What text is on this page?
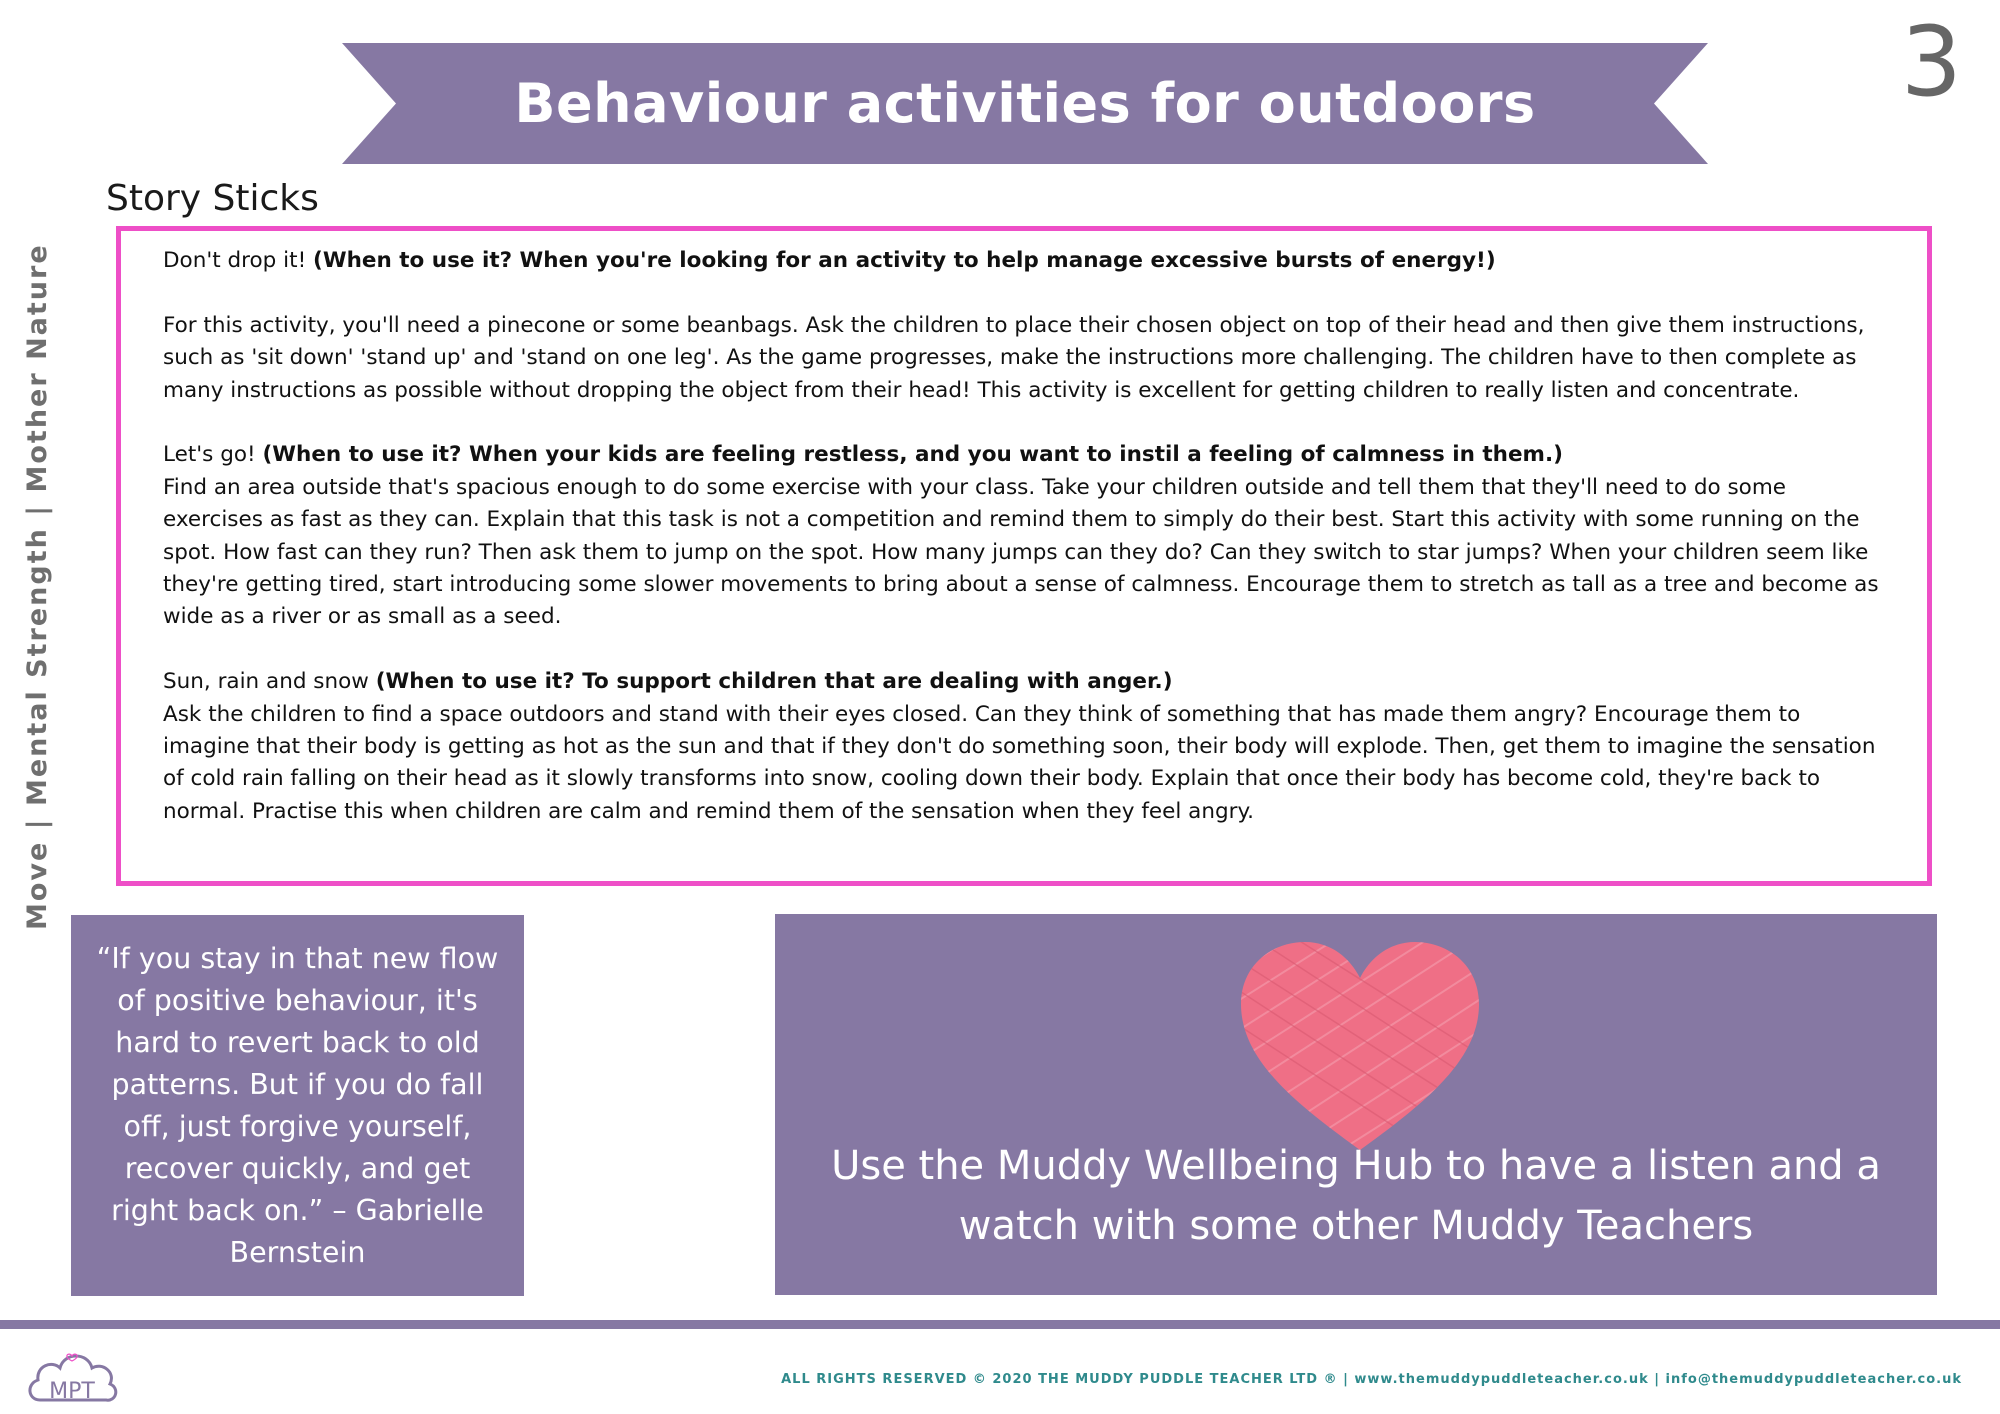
Behaviour activities for outdoors	3
Story Sticks
Move | Mental Strength | Mother Nature	Don't drop it! (When to use it? When you're looking for an activity to help manage excessive bursts of energy!)

For this activity, you'll need a pinecone or some beanbags. Ask the children to place their chosen object on top of their head and then give them instructions, such as 'sit down' 'stand up' and 'stand on one leg'. As the game progresses, make the instructions more challenging. The children have to then complete as many instructions as possible without dropping the object from their head! This activity is excellent for getting children to really listen and concentrate.

Let's go! (When to use it? When your kids are feeling restless, and you want to instil a feeling of calmness in them.)

Find an area outside that's spacious enough to do some exercise with your class. Take your children outside and tell them that they'll need to do some exercises as fast as they can. Explain that this task is not a competition and remind them to simply do their best. Start this activity with some running on the spot. How fast can they run? Then ask them to jump on the spot. How many jumps can they do? Can they switch to star jumps? When your children seem like they're getting tired, start introducing some slower movements to bring about a sense of calmness. Encourage them to stretch as tall as a tree and become as wide as a river or as small as a seed.

Sun, rain and snow (When to use it? To support children that are dealing with anger.)

Ask the children to find a space outdoors and stand with their eyes closed. Can they think of something that has made them angry? Encourage them to imagine that their body is getting as hot as the sun and that if they don't do something soon, their body will explode. Then, get them to imagine the sensation of cold rain falling on their head as it slowly transforms into snow, cooling down their body. Explain that once their body has become cold, they're back to normal. Practise this when children are calm and remind them of the sensation when they feel angry.

“If you stay in that new flow of positive behaviour, it's hard to revert back to old patterns. But if you do fall off, just forgive yourself, recover quickly, and get right back on.” – Gabrielle Bernstein
Use the Muddy Wellbeing Hub to have a listen and a watch with some other Muddy Teachers
MPT	ALL RIGHTS RESERVED © 2020 THE MUDDY PUDDLE TEACHER LTD ® | www.themuddypuddleteacher.co.uk | info@themuddypuddleteacher.co.uk
